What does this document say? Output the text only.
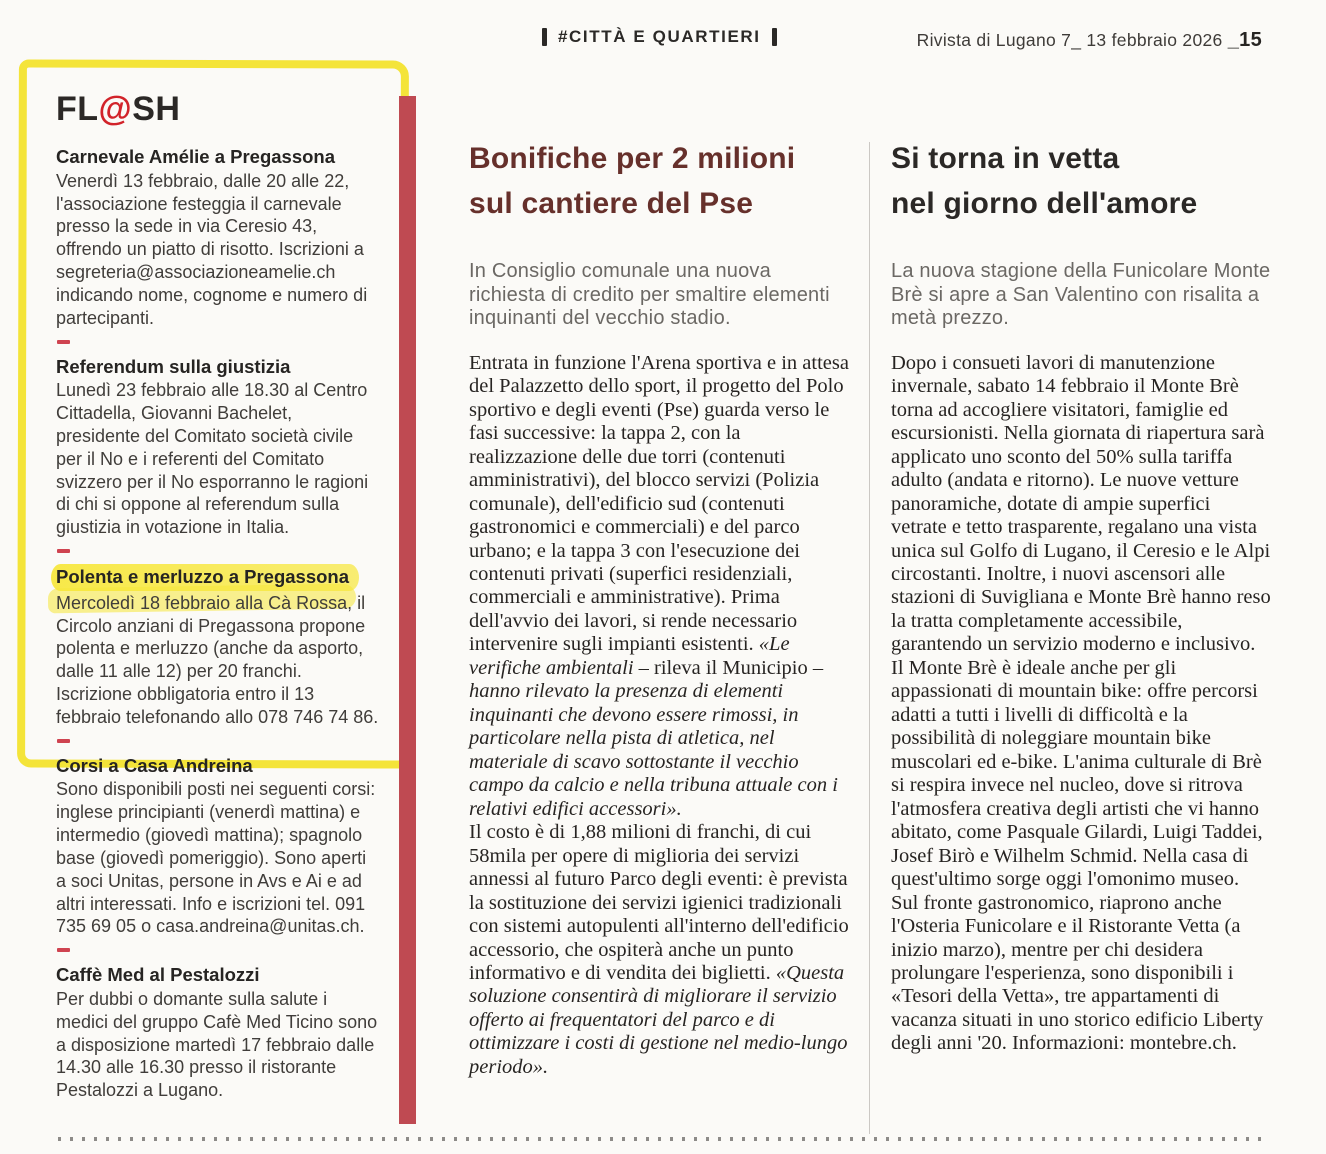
#CITTÀ E QUARTIERI	Rivista di Lugano 7_ 13 febbraio 2026 _15
FL@SH
Carnevale Amélie a Pregassona
Venerdì 13 febbraio, dalle 20 alle 22, l'associazione festeggia il carnevale presso la sede in via Ceresio 43, offrendo un piatto di risotto. Iscrizioni a segreteria@associazioneamelie.ch indicando nome, cognome e numero di partecipanti.
Referendum sulla giustizia
Lunedì 23 febbraio alle 18.30 al Centro Cittadella, Giovanni Bachelet, presidente del Comitato società civile per il No e i referenti del Comitato svizzero per il No esporranno le ragioni di chi si oppone al referendum sulla giustizia in votazione in Italia.
Polenta e merluzzo a Pregassona
Mercoledì 18 febbraio alla Cà Rossa, il Circolo anziani di Pregassona propone polenta e merluzzo (anche da asporto, dalle 11 alle 12) per 20 franchi. Iscrizione obbligatoria entro il 13 febbraio telefonando allo 078 746 74 86.
Corsi a Casa Andreina
Sono disponibili posti nei seguenti corsi: inglese principianti (venerdì mattina) e intermedio (giovedì mattina); spagnolo base (giovedì pomeriggio). Sono aperti a soci Unitas, persone in Avs e Ai e ad altri interessati. Info e iscrizioni tel. 091 735 69 05 o casa.andreina@unitas.ch.
Caffè Med al Pestalozzi
Per dubbi o domante sulla salute i medici del gruppo Cafè Med Ticino sono a disposizione martedì 17 febbraio dalle 14.30 alle 16.30 presso il ristorante Pestalozzi a Lugano.
Bonifiche per 2 milioni
sul cantiere del Pse
In Consiglio comunale una nuova richiesta di credito per smaltire elementi inquinanti del vecchio stadio.

Entrata in funzione l'Arena sportiva e in attesa del Palazzetto dello sport, il progetto del Polo sportivo e degli eventi (Pse) guarda verso le fasi successive: la tappa 2, con la realizzazione delle due torri (contenuti amministrativi), del blocco servizi (Polizia comunale), dell'edificio sud (contenuti gastronomici e commerciali) e del parco urbano; e la tappa 3 con l'esecuzione dei contenuti privati (superfici residenziali, commerciali e amministrative). Prima dell'avvio dei lavori, si rende necessario intervenire sugli impianti esistenti. «Le verifiche ambientali – rileva il Municipio – hanno rilevato la presenza di elementi inquinanti che devono essere rimossi, in particolare nella pista di atletica, nel materiale di scavo sottostante il vecchio campo da calcio e nella tribuna attuale con i relativi edifici accessori».

Il costo è di 1,88 milioni di franchi, di cui 58mila per opere di miglioria dei servizi annessi al futuro Parco degli eventi: è prevista la sostituzione dei servizi igienici tradizionali con sistemi autopulenti all'interno dell'edificio accessorio, che ospiterà anche un punto informativo e di vendita dei biglietti. «Questa soluzione consentirà di migliorare il servizio offerto ai frequentatori del parco e di ottimizzare i costi di gestione nel medio-lungo periodo».

Si torna in vetta
nel giorno dell'amore
La nuova stagione della Funicolare Monte Brè si apre a San Valentino con risalita a metà prezzo.

Dopo i consueti lavori di manutenzione invernale, sabato 14 febbraio il Monte Brè torna ad accogliere visitatori, famiglie ed escursionisti. Nella giornata di riapertura sarà applicato uno sconto del 50% sulla tariffa adulto (andata e ritorno). Le nuove vetture panoramiche, dotate di ampie superfici vetrate e tetto trasparente, regalano una vista unica sul Golfo di Lugano, il Ceresio e le Alpi circostanti. Inoltre, i nuovi ascensori alle stazioni di Suvigliana e Monte Brè hanno reso la tratta completamente accessibile, garantendo un servizio moderno e inclusivo. Il Monte Brè è ideale anche per gli appassionati di mountain bike: offre percorsi adatti a tutti i livelli di difficoltà e la possibilità di noleggiare mountain bike muscolari ed e-bike. L'anima culturale di Brè si respira invece nel nucleo, dove si ritrova l'atmosfera creativa degli artisti che vi hanno abitato, come Pasquale Gilardi, Luigi Taddei, Josef Birò e Wilhelm Schmid. Nella casa di quest'ultimo sorge oggi l'omonimo museo. Sul fronte gastronomico, riaprono anche l'Osteria Funicolare e il Ristorante Vetta (a inizio marzo), mentre per chi desidera prolungare l'esperienza, sono disponibili i «Tesori della Vetta», tre appartamenti di vacanza situati in uno storico edificio Liberty degli anni '20. Informazioni: montebre.ch.
